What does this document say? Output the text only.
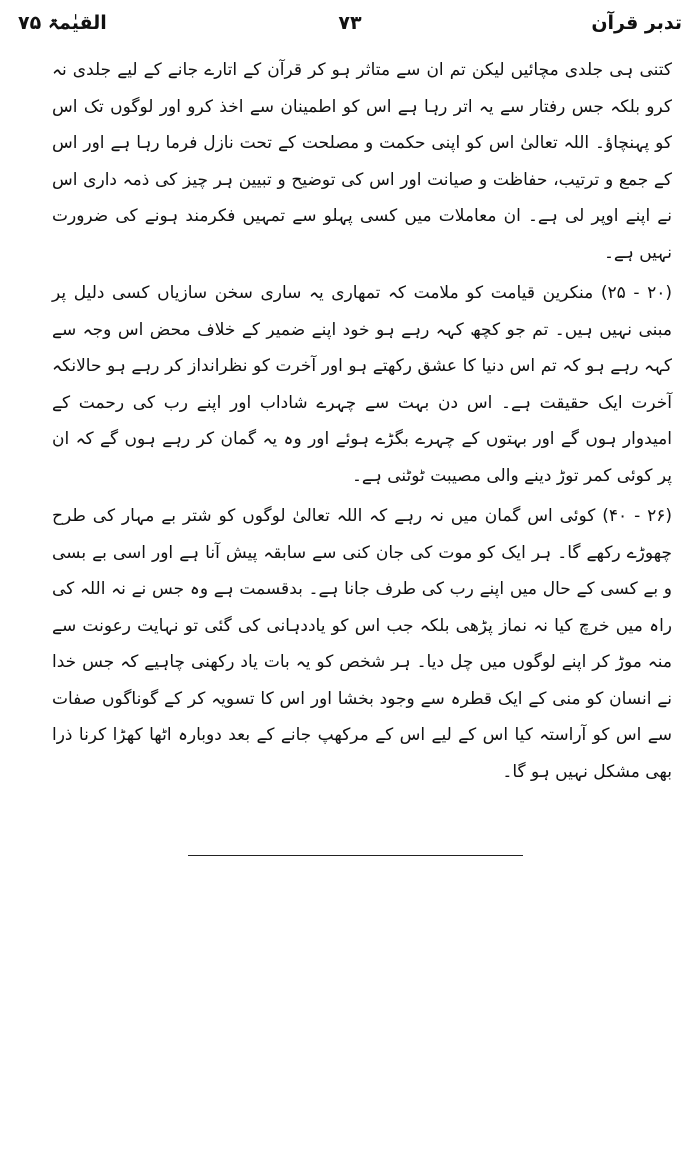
تدبر قرآن
۷۳
القیٰمۃ ۷۵

کتنی ہی جلدی مچائیں لیکن تم ان سے متاثر ہو کر قرآن کے اتارے جانے کے لیے جلدی نہ کرو بلکہ جس رفتار سے یہ اتر رہا ہے اس کو اطمینان سے اخذ کرو اور لوگوں تک اس کو پہنچاؤ۔ اللہ تعالیٰ اس کو اپنی حکمت و مصلحت کے تحت نازل فرما رہا ہے اور اس کے جمع و ترتیب، حفاظت و صیانت اور اس کی توضیح و تبیین ہر چیز کی ذمہ داری اس نے اپنے اوپر لی ہے۔ ان معاملات میں کسی پہلو سے تمہیں فکرمند ہونے کی ضرورت نہیں ہے۔

(۲۰ - ۲۵) منکرین قیامت کو ملامت کہ تمھاری یہ ساری سخن سازیاں کسی دلیل پر مبنی نہیں ہیں۔ تم جو کچھ کہہ رہے ہو خود اپنے ضمیر کے خلاف محض اس وجہ سے کہہ رہے ہو کہ تم اس دنیا کا عشق رکھتے ہو اور آخرت کو نظرانداز کر رہے ہو حالانکہ آخرت ایک حقیقت ہے۔ اس دن بہت سے چہرے شاداب اور اپنے رب کی رحمت کے امیدوار ہوں گے اور بہتوں کے چہرے بگڑے ہوئے اور وہ یہ گمان کر رہے ہوں گے کہ ان پر کوئی کمر توڑ دینے والی مصیبت ٹوٹنی ہے۔

(۲۶ - ۴۰) کوئی اس گمان میں نہ رہے کہ اللہ تعالیٰ لوگوں کو شتر بے مہار کی طرح چھوڑے رکھے گا۔ ہر ایک کو موت کی جان کنی سے سابقہ پیش آنا ہے اور اسی بے بسی و بے کسی کے حال میں اپنے رب کی طرف جانا ہے۔ بدقسمت ہے وہ جس نے نہ اللہ کی راہ میں خرچ کیا نہ نماز پڑھی بلکہ جب اس کو یاددہانی کی گئی تو نہایت رعونت سے منہ موڑ کر اپنے لوگوں میں چل دیا۔ ہر شخص کو یہ بات یاد رکھنی چاہیے کہ جس خدا نے انسان کو منی کے ایک قطرہ سے وجود بخشا اور اس کا تسویہ کر کے گوناگوں صفات سے اس کو آراستہ کیا اس کے لیے اس کے مرکھپ جانے کے بعد دوبارہ اٹھا کھڑا کرنا ذرا بھی مشکل نہیں ہو گا۔
